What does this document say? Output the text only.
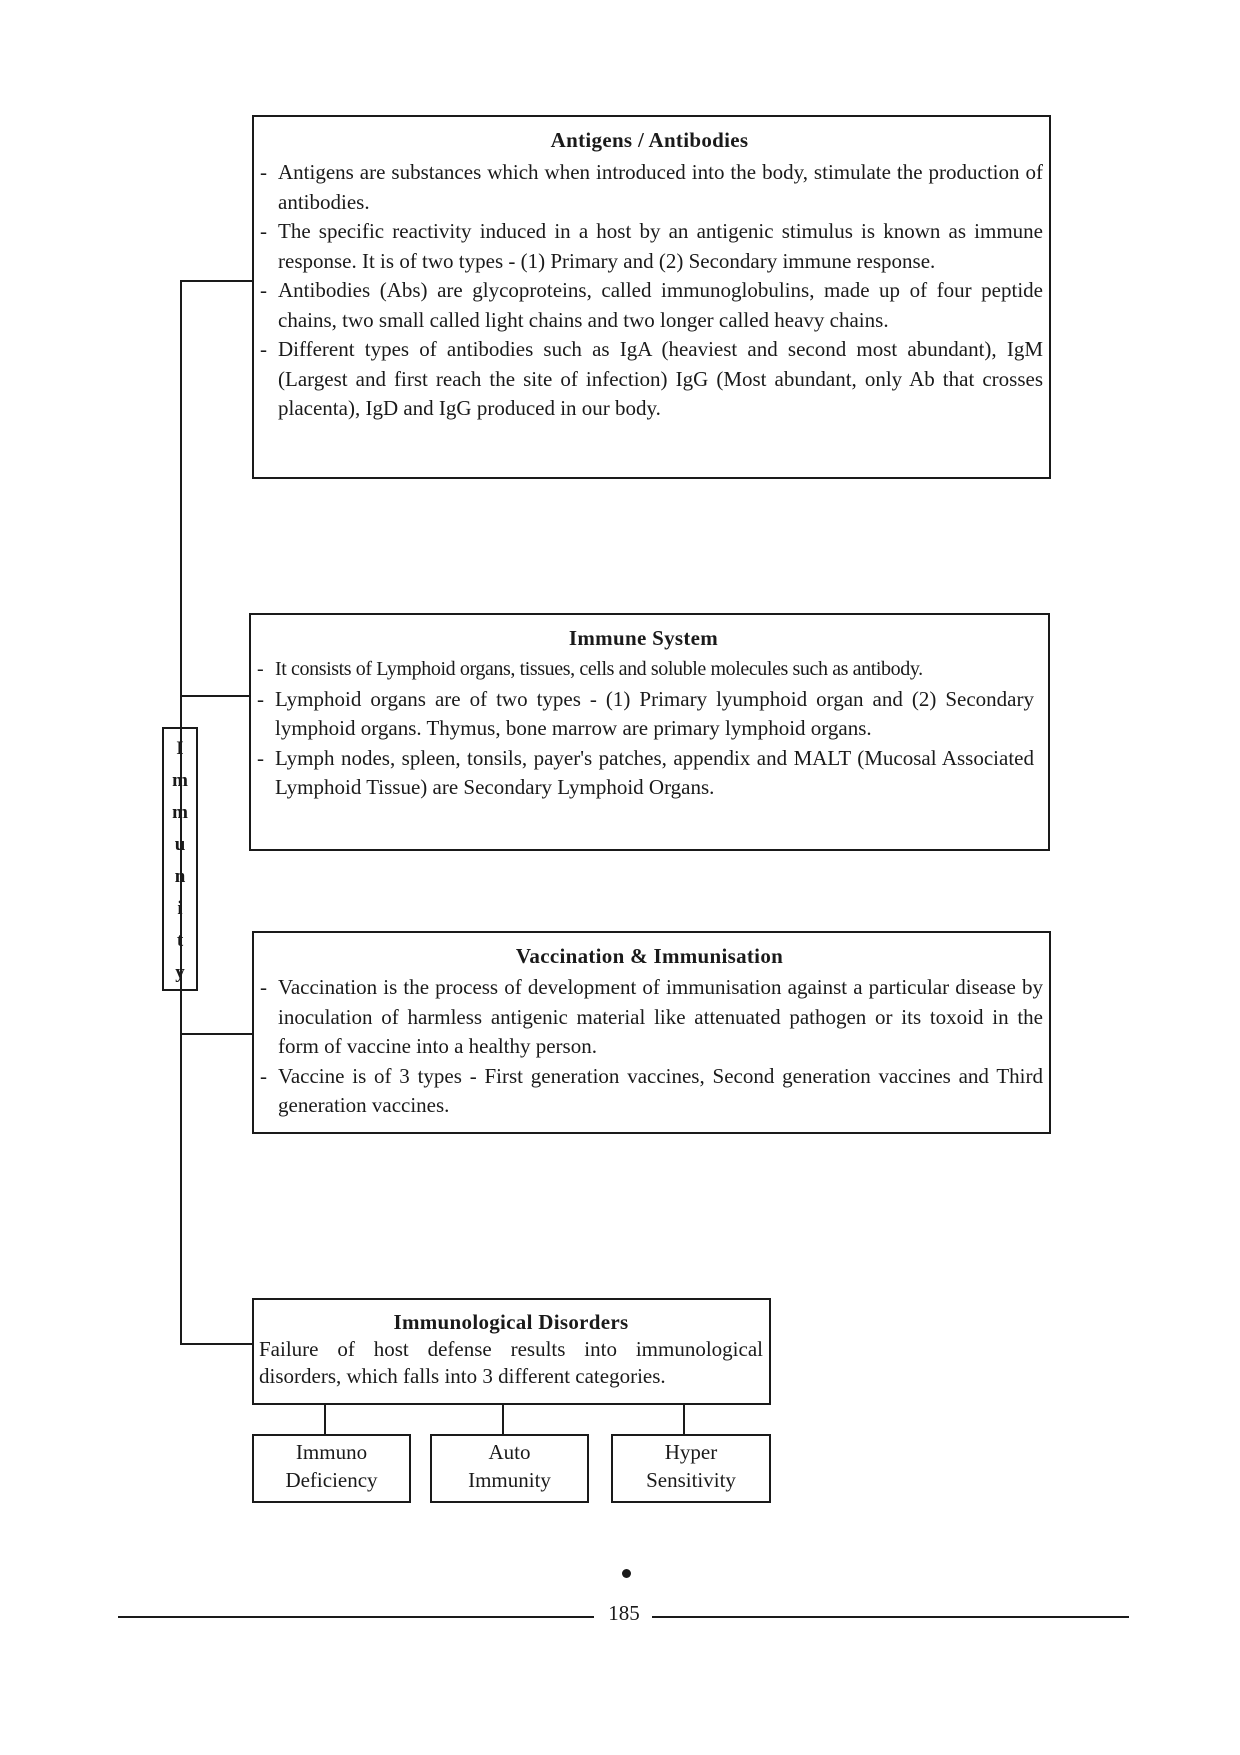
I
m
m
u
n
i
t
y
Antigens / Antibodies
- Antigens are substances which when introduced into the body, stimulate the production of antibodies.
- The specific reactivity induced in a host by an antigenic stimulus is known as immune response. It is of two types - (1) Primary and (2) Secondary immune response.
- Antibodies (Abs) are glycoproteins, called immunoglobulins, made up of four peptide chains, two small called light chains and two longer called heavy chains.
- Different types of antibodies such as IgA (heaviest and second most abundant), IgM (Largest and first reach the site of infection) IgG (Most abundant, only Ab that crosses placenta), IgD and IgG produced in our body.
Immune System
- It consists of Lymphoid organs, tissues, cells and soluble molecules such as antibody.
- Lymphoid organs are of two types - (1) Primary lyumphoid organ and (2) Secondary lymphoid organs. Thymus, bone marrow are primary lymphoid organs.
- Lymph nodes, spleen, tonsils, payer's patches, appendix and MALT (Mucosal Associated Lymphoid Tissue) are Secondary Lymphoid Organs.
Vaccination & Immunisation
- Vaccination is the process of development of immunisation against a particular disease by inoculation of harmless antigenic material like attenuated pathogen or its toxoid in the form of vaccine into a healthy person.
- Vaccine is of 3 types - First generation vaccines, Second generation vaccines and Third generation vaccines.
Immunological Disorders
Failure of host defense results into immunological disorders, which falls into 3 different categories.
Immuno
Deficiency
Auto
Immunity
Hyper
Sensitivity
185
